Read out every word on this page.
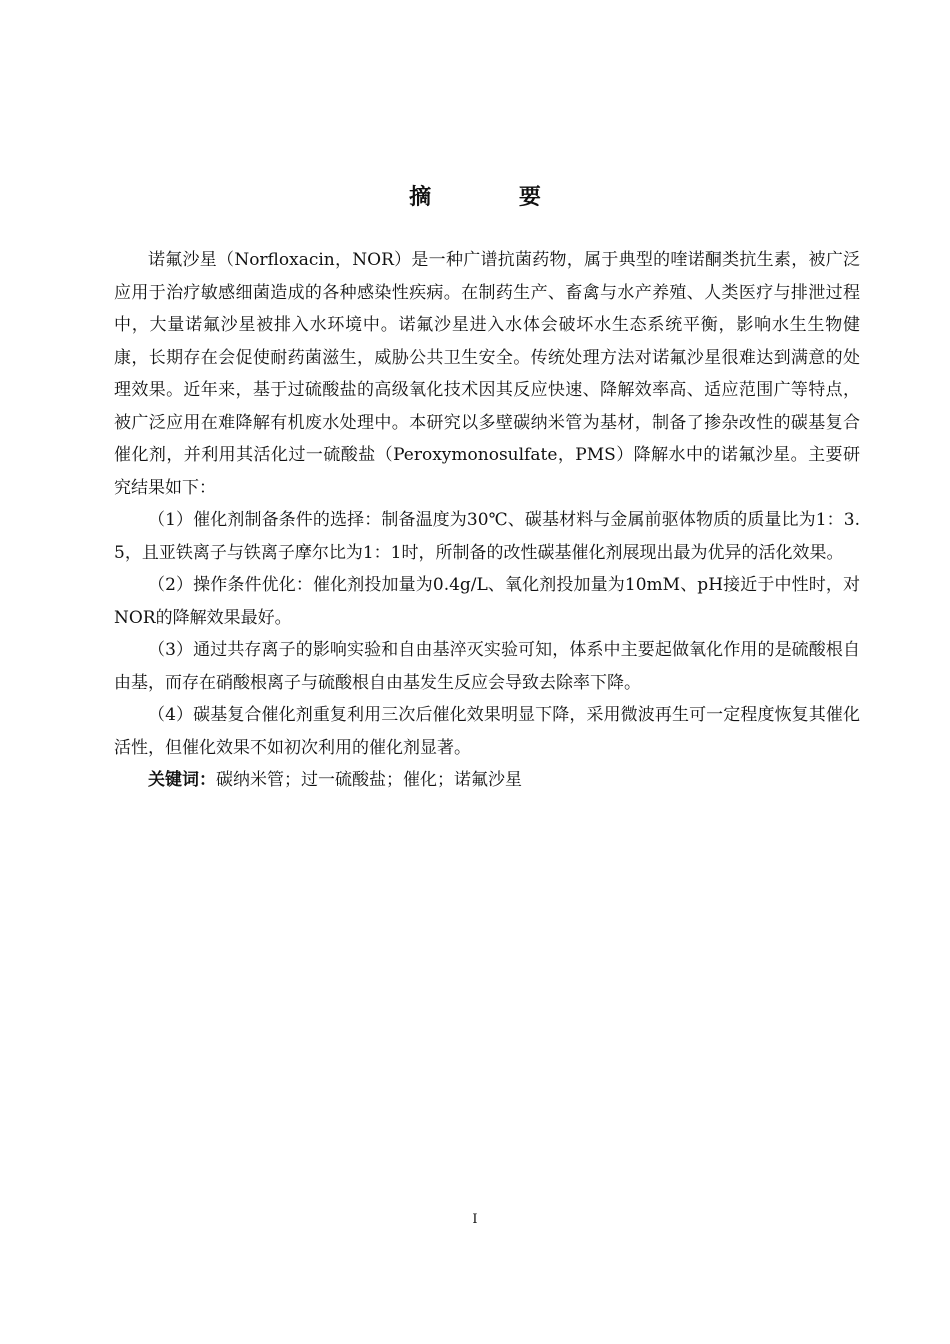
摘 要

诺氟沙星（Norfloxacin，NOR）是一种广谱抗菌药物，属于典型的喹诺酮类抗生素，被广泛应用于治疗敏感细菌造成的各种感染性疾病。在制药生产、畜禽与水产养殖、人类医疗与排泄过程中，大量诺氟沙星被排入水环境中。诺氟沙星进入水体会破坏水生态系统平衡，影响水生生物健康，长期存在会促使耐药菌滋生，威胁公共卫生安全。传统处理方法对诺氟沙星很难达到满意的处理效果。近年来，基于过硫酸盐的高级氧化技术因其反应快速、降解效率高、适应范围广等特点，被广泛应用在难降解有机废水处理中。本研究以多壁碳纳米管为基材，制备了掺杂改性的碳基复合催化剂，并利用其活化过一硫酸盐（Peroxymonosulfate，PMS）降解水中的诺氟沙星。主要研究结果如下：

（1）催化剂制备条件的选择：制备温度为30℃、碳基材料与金属前驱体物质的质量比为1：3.5，且亚铁离子与铁离子摩尔比为1：1时，所制备的改性碳基催化剂展现出最为优异的活化效果。

（2）操作条件优化：催化剂投加量为0.4g/L、氧化剂投加量为10mM、pH接近于中性时，对NOR的降解效果最好。

（3）通过共存离子的影响实验和自由基淬灭实验可知，体系中主要起做氧化作用的是硫酸根自由基，而存在硝酸根离子与硫酸根自由基发生反应会导致去除率下降。

（4）碳基复合催化剂重复利用三次后催化效果明显下降，采用微波再生可一定程度恢复其催化活性，但催化效果不如初次利用的催化剂显著。

关键词：碳纳米管；过一硫酸盐；催化；诺氟沙星

I
